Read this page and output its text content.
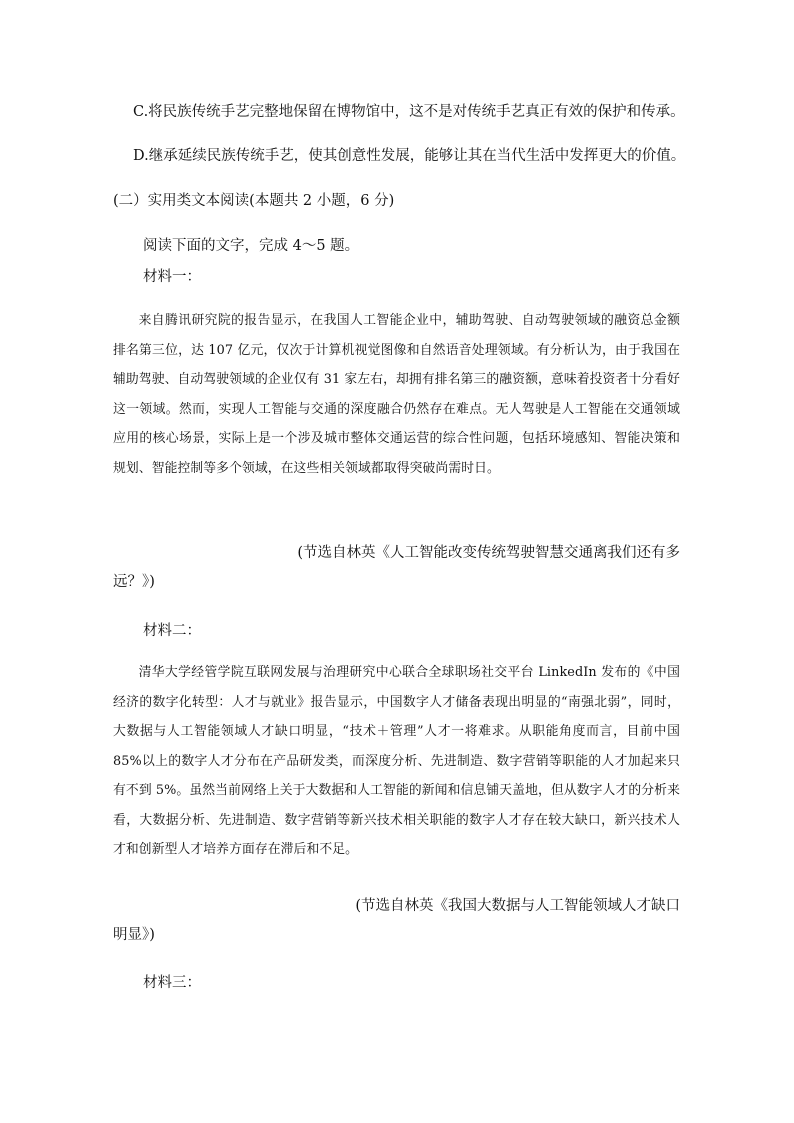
C.将民族传统手艺完整地保留在博物馆中，这不是对传统手艺真正有效的保护和传承。
D.继承延续民族传统手艺，使其创意性发展，能够让其在当代生活中发挥更大的价值。
(二）实用类文本阅读(本题共 2 小题，6 分)
阅读下面的文字，完成 4～5 题。
材料一：
来自腾讯研究院的报告显示，在我国人工智能企业中，辅助驾驶、自动驾驶领域的融资总金额排名第三位，达 107 亿元，仅次于计算机视觉图像和自然语音处理领域。有分析认为，由于我国在辅助驾驶、自动驾驶领域的企业仅有 31 家左右，却拥有排名第三的融资额，意味着投资者十分看好这一领域。然而，实现人工智能与交通的深度融合仍然存在难点。无人驾驶是人工智能在交通领域应用的核心场景，实际上是一个涉及城市整体交通运营的综合性问题，包括环境感知、智能决策和规划、智能控制等多个领域，在这些相关领域都取得突破尚需时日。
(节选自林英《人工智能改变传统驾驶智慧交通离我们还有多
远？》)
材料二：
清华大学经管学院互联网发展与治理研究中心联合全球职场社交平台 LinkedIn 发布的《中国经济的数字化转型：人才与就业》报告显示，中国数字人才储备表现出明显的“南强北弱”，同时，大数据与人工智能领域人才缺口明显，“技术＋管理”人才一将难求。从职能角度而言，目前中国 85%以上的数字人才分布在产品研发类，而深度分析、先进制造、数字营销等职能的人才加起来只有不到 5%。虽然当前网络上关于大数据和人工智能的新闻和信息铺天盖地，但从数字人才的分析来看，大数据分析、先进制造、数字营销等新兴技术相关职能的数字人才存在较大缺口，新兴技术人才和创新型人才培养方面存在滞后和不足。
(节选自林英《我国大数据与人工智能领域人才缺口
明显》)
材料三：
